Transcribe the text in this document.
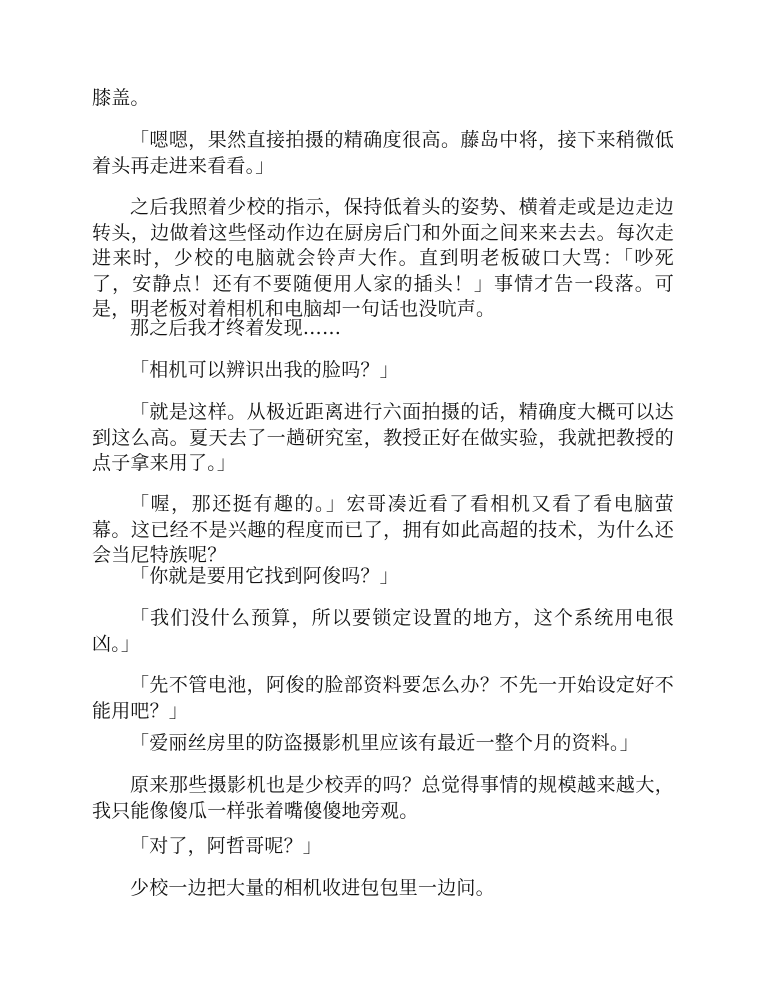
膝盖。

「嗯嗯，果然直接拍摄的精确度很高。藤岛中将，接下来稍微低着头再走进来看看。」

之后我照着少校的指示，保持低着头的姿势、横着走或是边走边转头，边做着这些怪动作边在厨房后门和外面之间来来去去。每次走进来时，少校的电脑就会铃声大作。直到明老板破口大骂：「吵死了，安静点！还有不要随便用人家的插头！」事情才告一段落。可是，明老板对着相机和电脑却一句话也没吭声。

那之后我才终着发现……

「相机可以辨识出我的脸吗？」

「就是这样。从极近距离进行六面拍摄的话，精确度大概可以达到这么高。夏天去了一趟研究室，教授正好在做实验，我就把教授的点子拿来用了。」

「喔，那还挺有趣的。」宏哥凑近看了看相机又看了看电脑萤幕。这已经不是兴趣的程度而已了，拥有如此高超的技术，为什么还会当尼特族呢？

「你就是要用它找到阿俊吗？」

「我们没什么预算，所以要锁定设置的地方，这个系统用电很凶。」

「先不管电池，阿俊的脸部资料要怎么办？不先一开始设定好不能用吧？」

「爱丽丝房里的防盗摄影机里应该有最近一整个月的资料。」

原来那些摄影机也是少校弄的吗？总觉得事情的规模越来越大，我只能像傻瓜一样张着嘴傻傻地旁观。

「对了，阿哲哥呢？」

少校一边把大量的相机收进包包里一边问。
